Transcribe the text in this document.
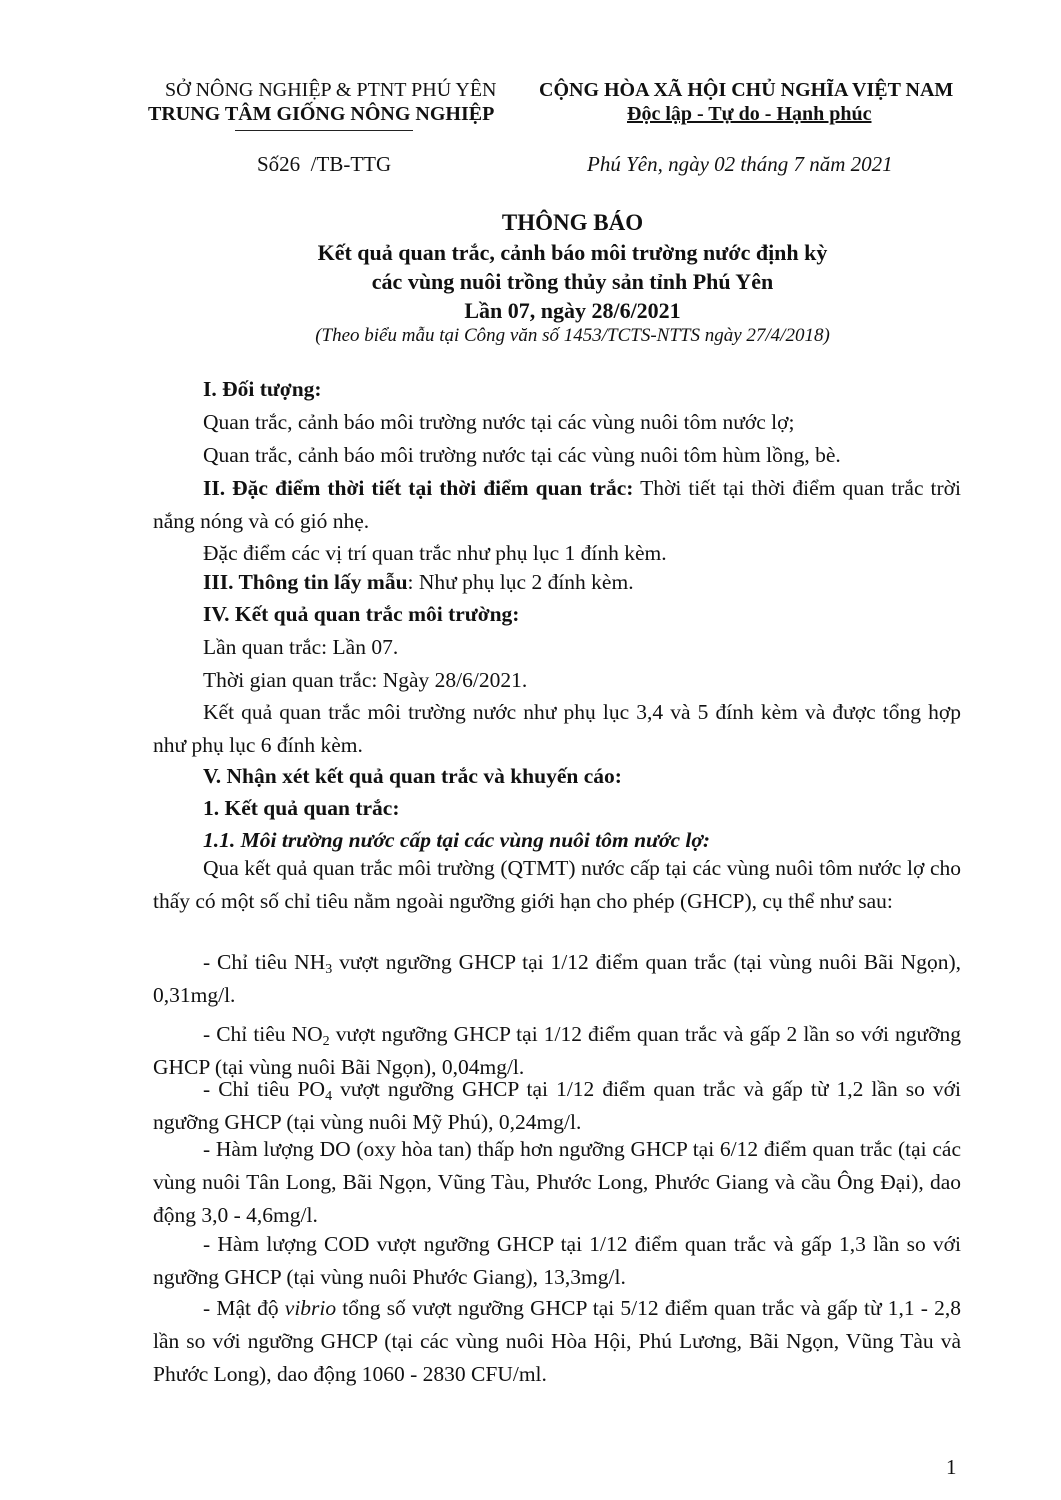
SỞ NÔNG NGHIỆP & PTNT PHÚ YÊN
TRUNG TÂM GIỐNG NÔNG NGHIỆP
CỘNG HÒA XÃ HỘI CHỦ NGHĨA VIỆT NAM
Độc lập - Tự do - Hạnh phúc
Số26  /TB-TTG	Phú Yên, ngày 02 tháng 7 năm 2021
THÔNG BÁO
Kết quả quan trắc, cảnh báo môi trường nước định kỳ
các vùng nuôi trồng thủy sản tỉnh Phú Yên
Lần 07, ngày 28/6/2021
(Theo biểu mẫu tại Công văn số 1453/TCTS-NTTS ngày 27/4/2018)
I. Đối tượng:
Quan trắc, cảnh báo môi trường nước tại các vùng nuôi tôm nước lợ;
Quan trắc, cảnh báo môi trường nước tại các vùng nuôi tôm hùm lồng, bè.
II. Đặc điểm thời tiết tại thời điểm quan trắc: Thời tiết tại thời điểm quan trắc trời nắng nóng và có gió nhẹ.
Đặc điểm các vị trí quan trắc như phụ lục 1 đính kèm.
III. Thông tin lấy mẫu: Như phụ lục 2 đính kèm.
IV. Kết quả quan trắc môi trường:
Lần quan trắc: Lần 07.
Thời gian quan trắc: Ngày 28/6/2021.
Kết quả quan trắc môi trường nước như phụ lục 3,4 và 5 đính kèm và được tổng hợp như phụ lục 6 đính kèm.
V. Nhận xét kết quả quan trắc và khuyến cáo:
1. Kết quả quan trắc:
1.1. Môi trường nước cấp tại các vùng nuôi tôm nước lợ:
Qua kết quả quan trắc môi trường (QTMT) nước cấp tại các vùng nuôi tôm nước lợ cho thấy có một số chỉ tiêu nằm ngoài ngưỡng giới hạn cho phép (GHCP), cụ thể như sau:
- Chỉ tiêu $NH_3$ vượt ngưỡng GHCP tại 1/12 điểm quan trắc (tại vùng nuôi Bãi Ngọn), 0,31mg/l.
- Chỉ tiêu $NO_2$ vượt ngưỡng GHCP tại 1/12 điểm quan trắc và gấp 2 lần so với ngưỡng GHCP (tại vùng nuôi Bãi Ngọn), 0,04mg/l.
- Chỉ tiêu $PO_4$ vượt ngưỡng GHCP tại 1/12 điểm quan trắc và gấp từ 1,2 lần so với ngưỡng GHCP (tại vùng nuôi Mỹ Phú), 0,24mg/l.
- Hàm lượng DO (oxy hòa tan) thấp hơn ngưỡng GHCP tại 6/12 điểm quan trắc (tại các vùng nuôi Tân Long, Bãi Ngọn, Vũng Tàu, Phước Long, Phước Giang và cầu Ông Đại), dao động 3,0 - 4,6mg/l.
- Hàm lượng COD vượt ngưỡng GHCP tại 1/12 điểm quan trắc và gấp 1,3 lần so với ngưỡng GHCP (tại vùng nuôi Phước Giang), 13,3mg/l.
- Mật độ vibrio tổng số vượt ngưỡng GHCP tại 5/12 điểm quan trắc và gấp từ 1,1 - 2,8 lần so với ngưỡng GHCP (tại các vùng nuôi Hòa Hội, Phú Lương, Bãi Ngọn, Vũng Tàu và Phước Long), dao động 1060 - 2830 CFU/ml.
1
